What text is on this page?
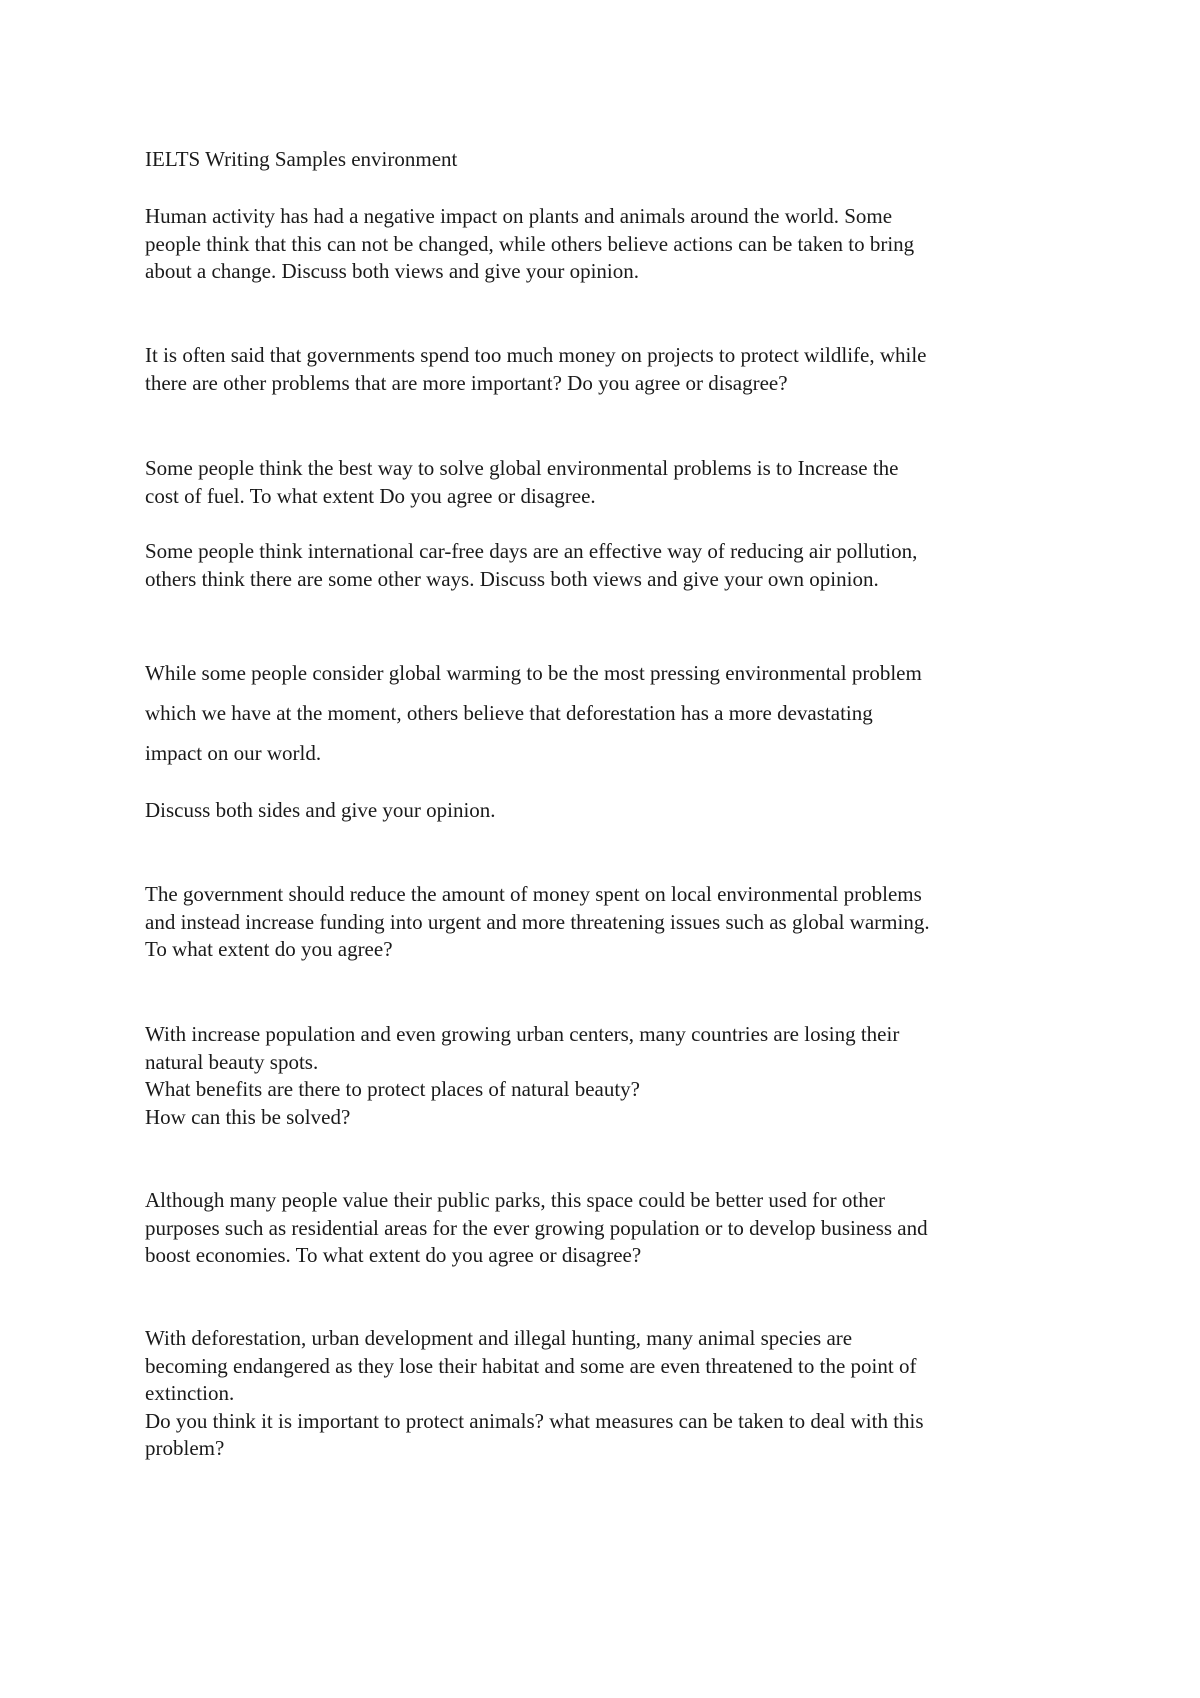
IELTS Writing Samples environment

Human activity has had a negative impact on plants and animals around the world. Some
people think that this can not be changed, while others believe actions can be taken to bring
about a change. Discuss both views and give your opinion.

It is often said that governments spend too much money on projects to protect wildlife, while
there are other problems that are more important? Do you agree or disagree?

Some people think the best way to solve global environmental problems is to Increase the
cost of fuel. To what extent Do you agree or disagree.

Some people think international car-free days are an effective way of reducing air pollution,
others think there are some other ways. Discuss both views and give your own opinion.

While some people consider global warming to be the most pressing environmental problem
which we have at the moment, others believe that deforestation has a more devastating
impact on our world.

Discuss both sides and give your opinion.

The government should reduce the amount of money spent on local environmental problems
and instead increase funding into urgent and more threatening issues such as global warming.
To what extent do you agree?

With increase population and even growing urban centers, many countries are losing their
natural beauty spots.
What benefits are there to protect places of natural beauty?
How can this be solved?

Although many people value their public parks, this space could be better used for other
purposes such as residential areas for the ever growing population or to develop business and
boost economies. To what extent do you agree or disagree?

With deforestation, urban development and illegal hunting, many animal species are
becoming endangered as they lose their habitat and some are even threatened to the point of
extinction.
Do you think it is important to protect animals? what measures can be taken to deal with this
problem?
